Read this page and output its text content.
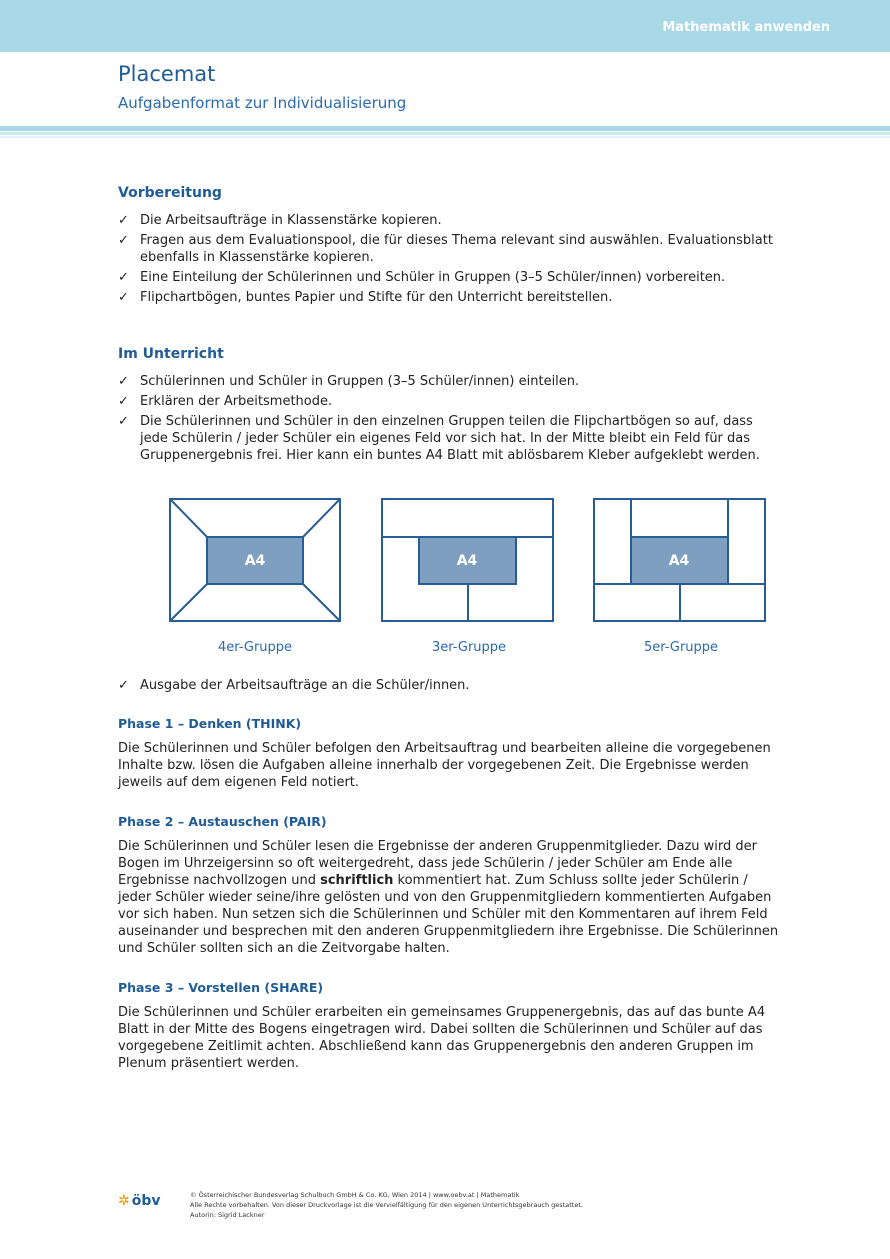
Mathematik anwenden
Placemat
Aufgabenformat zur Individualisierung
Vorbereitung
✓ Die Arbeitsaufträge in Klassenstärke kopieren.
✓ Fragen aus dem Evaluationspool, die für dieses Thema relevant sind auswählen. Evaluationsblatt ebenfalls in Klassenstärke kopieren.
✓ Eine Einteilung der Schülerinnen und Schüler in Gruppen (3–5 Schüler/innen) vorbereiten.
✓ Flipchartbögen, buntes Papier und Stifte für den Unterricht bereitstellen.
Im Unterricht
✓ Schülerinnen und Schüler in Gruppen (3–5 Schüler/innen) einteilen.
✓ Erklären der Arbeitsmethode.
✓ Die Schülerinnen und Schüler in den einzelnen Gruppen teilen die Flipchartbögen so auf, dass jede Schülerin / jeder Schüler ein eigenes Feld vor sich hat. In der Mitte bleibt ein Feld für das Gruppenergebnis frei. Hier kann ein buntes A4 Blatt mit ablösbarem Kleber aufgeklebt werden.
A4	A4	A4
4er-Gruppe	3er-Gruppe	5er-Gruppe
✓ Ausgabe der Arbeitsaufträge an die Schüler/innen.
Phase 1 – Denken (THINK)

Die Schülerinnen und Schüler befolgen den Arbeitsauftrag und bearbeiten alleine die vorgegebenen Inhalte bzw. lösen die Aufgaben alleine innerhalb der vorgegebenen Zeit. Die Ergebnisse werden jeweils auf dem eigenen Feld notiert.

Phase 2 – Austauschen (PAIR)

Die Schülerinnen und Schüler lesen die Ergebnisse der anderen Gruppenmitglieder. Dazu wird der Bogen im Uhrzeigersinn so oft weitergedreht, dass jede Schülerin / jeder Schüler am Ende alle Ergebnisse nachvollzogen und schriftlich kommentiert hat. Zum Schluss sollte jeder Schülerin / jeder Schüler wieder seine/ihre gelösten und von den Gruppenmitgliedern kommentierten Aufgaben vor sich haben. Nun setzen sich die Schülerinnen und Schüler mit den Kommentaren auf ihrem Feld auseinander und besprechen mit den anderen Gruppenmitgliedern ihre Ergebnisse. Die Schülerinnen und Schüler sollten sich an die Zeitvorgabe halten.

Phase 3 – Vorstellen (SHARE)

Die Schülerinnen und Schüler erarbeiten ein gemeinsames Gruppenergebnis, das auf das bunte A4 Blatt in der Mitte des Bogens eingetragen wird. Dabei sollten die Schülerinnen und Schüler auf das vorgegebene Zeitlimit achten. Abschließend kann das Gruppenergebnis den anderen Gruppen im Plenum präsentiert werden.

✲ öbv	© Österreichischer Bundesverlag Schulbuch GmbH & Co. KG, Wien 2014 | www.oebv.at | Mathematik
Alle Rechte vorbehalten. Von dieser Druckvorlage ist die Vervielfältigung für den eigenen Unterrichtsgebrauch gestattet.
Autorin: Sigrid Lackner
